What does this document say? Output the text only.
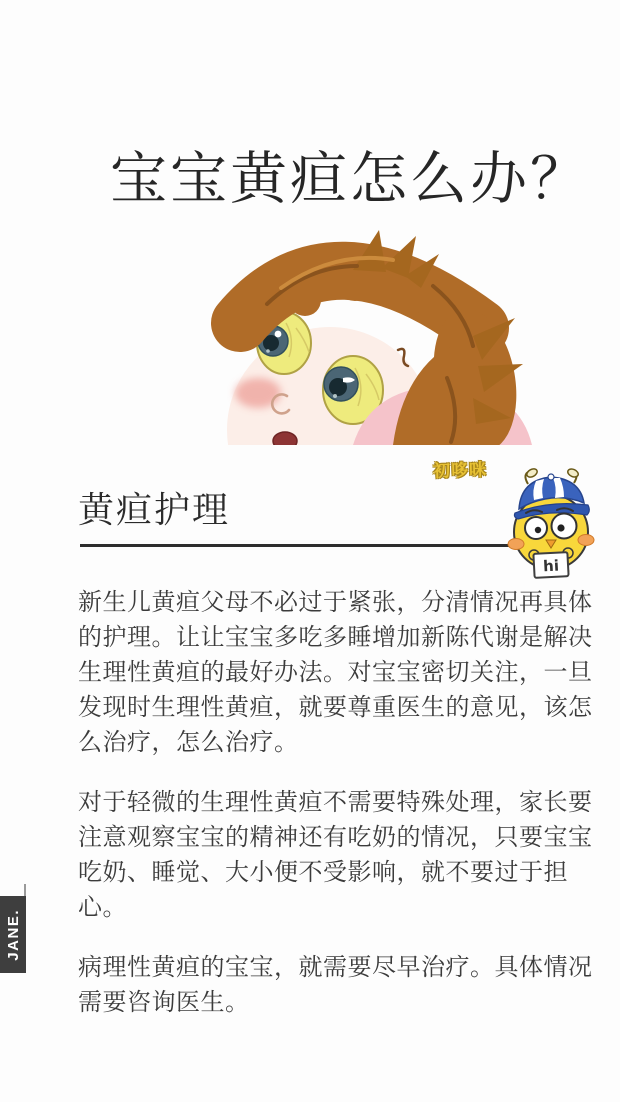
宝宝黄疸怎么办？
初哆咪
黄疸护理
hi
新生儿黄疸父母不必过于紧张，分清情况再具体
的护理。让让宝宝多吃多睡增加新陈代谢是解决
生理性黄疸的最好办法。对宝宝密切关注，一旦
发现时生理性黄疸，就要尊重医生的意见，该怎
么治疗，怎么治疗。
对于轻微的生理性黄疸不需要特殊处理，家长要
注意观察宝宝的精神还有吃奶的情况，只要宝宝
吃奶、睡觉、大小便不受影响，就不要过于担
心。
病理性黄疸的宝宝，就需要尽早治疗。具体情况
需要咨询医生。
JANE.
